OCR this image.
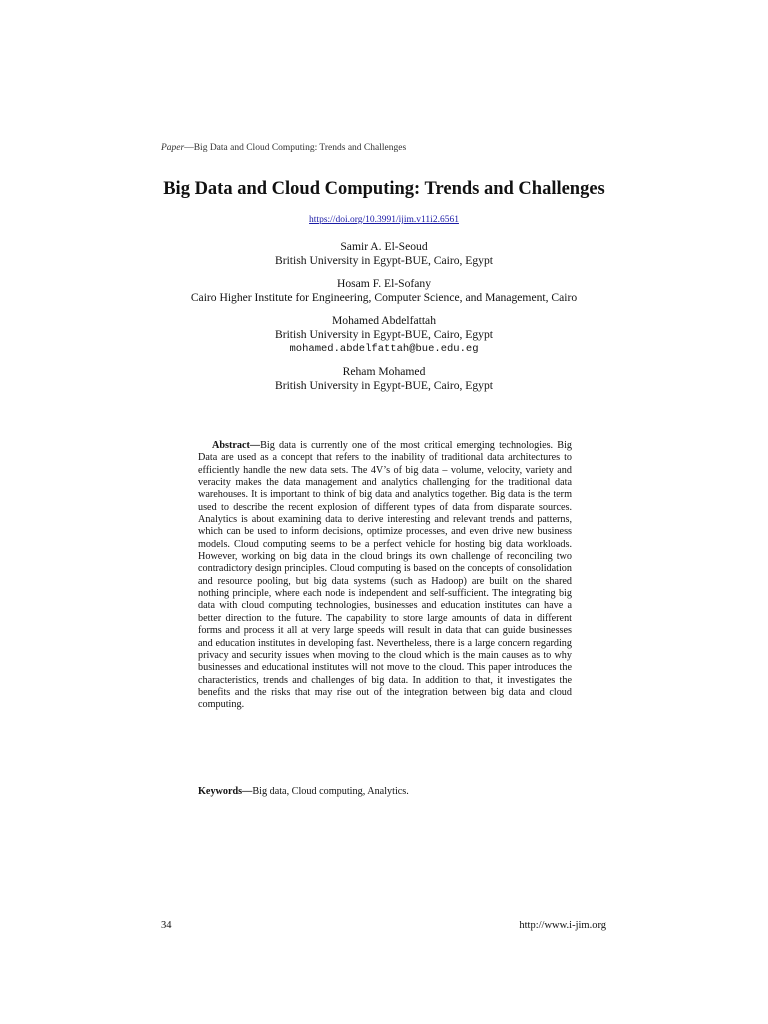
Paper—Big Data and Cloud Computing: Trends and Challenges
Big Data and Cloud Computing: Trends and Challenges
https://doi.org/10.3991/ijim.v11i2.6561
Samir A. El-Seoud
British University in Egypt-BUE, Cairo, Egypt
Hosam F. El-Sofany
Cairo Higher Institute for Engineering, Computer Science, and Management, Cairo
Mohamed Abdelfattah
British University in Egypt-BUE, Cairo, Egypt
mohamed.abdelfattah@bue.edu.eg
Reham Mohamed
British University in Egypt-BUE, Cairo, Egypt

Abstract—Big data is currently one of the most critical emerging technologies. Big Data are used as a concept that refers to the inability of traditional data architectures to efficiently handle the new data sets. The 4V’s of big data – volume, velocity, variety and veracity makes the data management and analytics challenging for the traditional data warehouses. It is important to think of big data and analytics together. Big data is the term used to describe the recent explosion of different types of data from disparate sources. Analytics is about examining data to derive interesting and relevant trends and patterns, which can be used to inform decisions, optimize processes, and even drive new business models. Cloud computing seems to be a perfect vehicle for hosting big data workloads. However, working on big data in the cloud brings its own challenge of reconciling two contradictory design principles. Cloud computing is based on the concepts of consolidation and resource pooling, but big data systems (such as Hadoop) are built on the shared nothing principle, where each node is independent and self-sufficient. The integrating big data with cloud computing technologies, businesses and education institutes can have a better direction to the future. The capability to store large amounts of data in different forms and process it all at very large speeds will result in data that can guide businesses and education institutes in developing fast. Nevertheless, there is a large concern regarding privacy and security issues when moving to the cloud which is the main causes as to why businesses and educational institutes will not move to the cloud. This paper introduces the characteristics, trends and challenges of big data. In addition to that, it investigates the benefits and the risks that may rise out of the integration between big data and cloud computing.

Keywords—Big data, Cloud computing, Analytics.

34	http://www.i-jim.org
